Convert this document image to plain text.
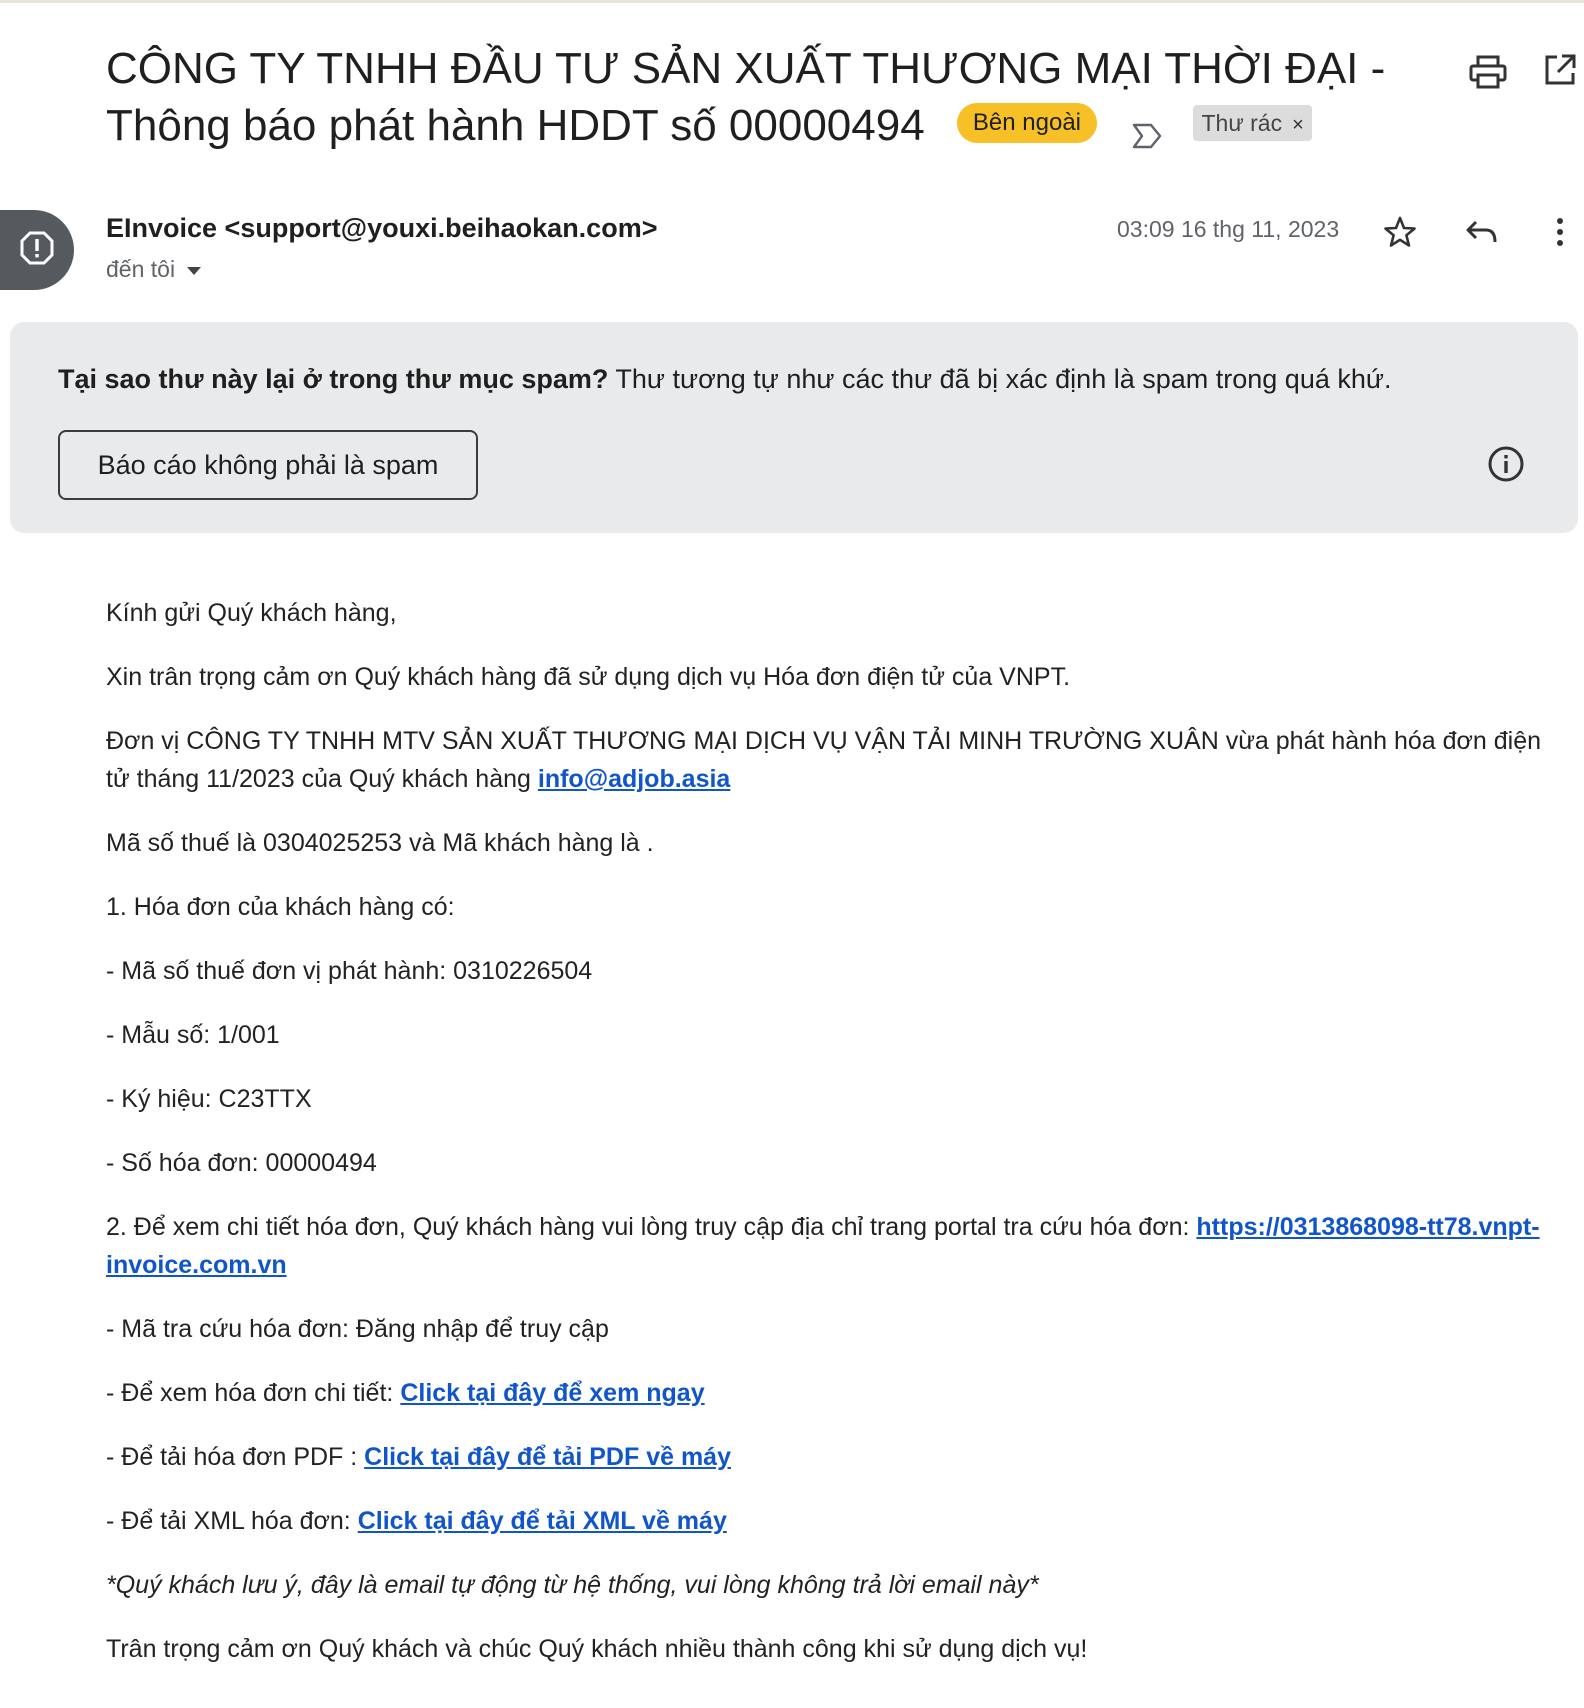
CÔNG TY TNHH ĐẦU TƯ SẢN XUẤT THƯƠNG MẠI THỜI ĐẠI - Thông báo phát hành HDDT số 00000494 Bên ngoài	Thư rác ×
EInvoice <support@youxi.beihaokan.com>
đến tôi
03:09 16 thg 11, 2023
Tại sao thư này lại ở trong thư mục spam? Thư tương tự như các thư đã bị xác định là spam trong quá khứ.
Báo cáo không phải là spam

Kính gửi Quý khách hàng,

Xin trân trọng cảm ơn Quý khách hàng đã sử dụng dịch vụ Hóa đơn điện tử của VNPT.

Đơn vị CÔNG TY TNHH MTV SẢN XUẤT THƯƠNG MẠI DỊCH VỤ VẬN TẢI MINH TRƯỜNG XUÂN vừa phát hành hóa đơn điện tử tháng 11/2023 của Quý khách hàng info@adjob.asia

Mã số thuế là 0304025253 và Mã khách hàng là .

1. Hóa đơn của khách hàng có:

- Mã số thuế đơn vị phát hành: 0310226504

- Mẫu số: 1/001

- Ký hiệu: C23TTX

- Số hóa đơn: 00000494

2. Để xem chi tiết hóa đơn, Quý khách hàng vui lòng truy cập địa chỉ trang portal tra cứu hóa đơn: https://0313868098-tt78.vnpt-invoice.com.vn

- Mã tra cứu hóa đơn: Đăng nhập để truy cập

- Để xem hóa đơn chi tiết: Click tại đây để xem ngay

- Để tải hóa đơn PDF : Click tại đây để tải PDF về máy

- Để tải XML hóa đơn: Click tại đây để tải XML về máy

*Quý khách lưu ý, đây là email tự động từ hệ thống, vui lòng không trả lời email này*

Trân trọng cảm ơn Quý khách và chúc Quý khách nhiều thành công khi sử dụng dịch vụ!
